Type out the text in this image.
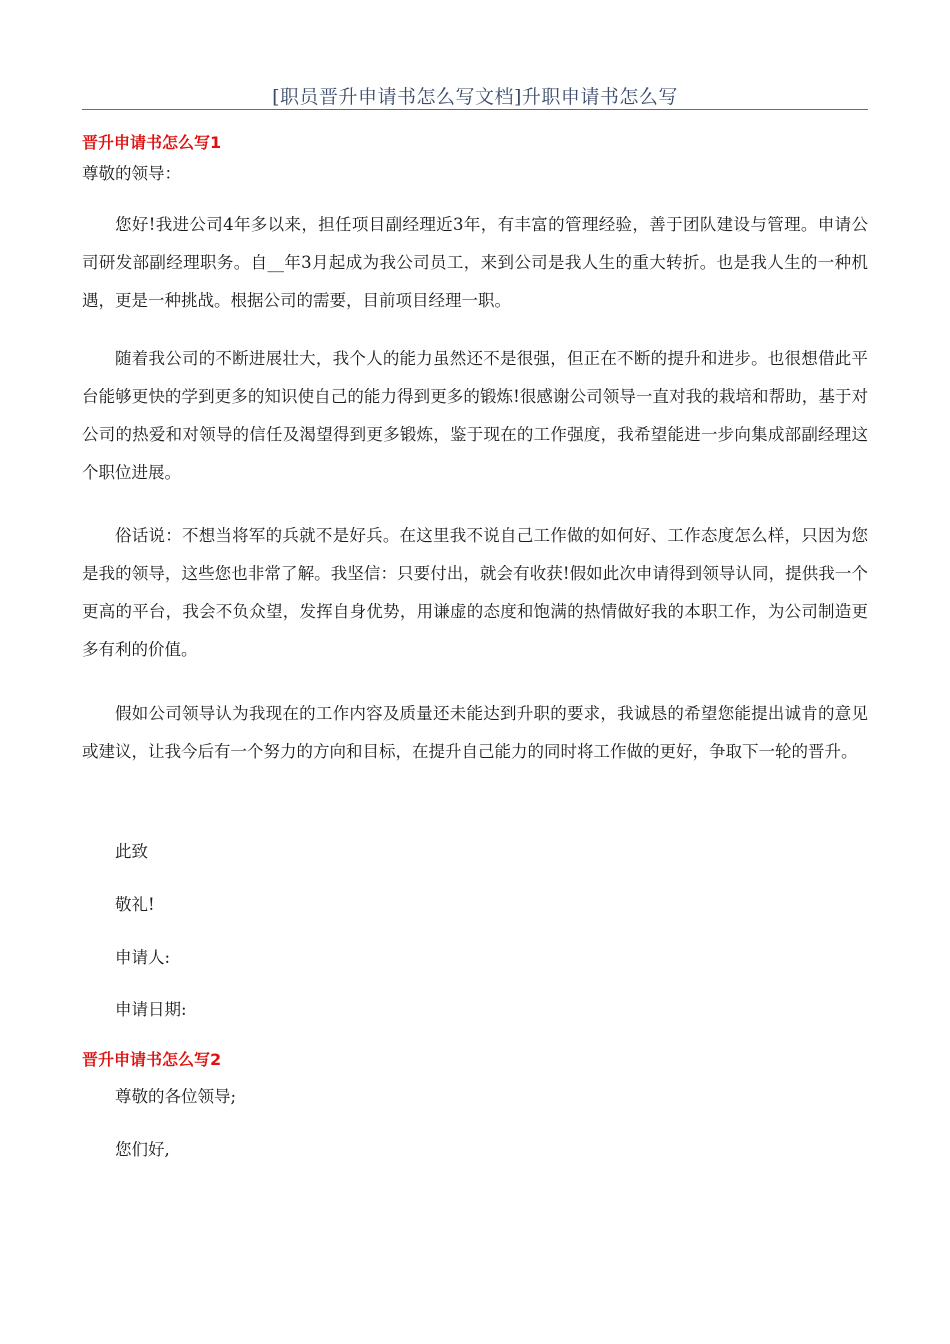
[职员晋升申请书怎么写文档]升职申请书怎么写
晋升申请书怎么写1
尊敬的领导：

您好!我进公司4年多以来，担任项目副经理近3年，有丰富的管理经验，善于团队建设与管理。申请公司研发部副经理职务。自__年3月起成为我公司员工，来到公司是我人生的重大转折。也是我人生的一种机遇，更是一种挑战。根据公司的需要，目前项目经理一职。

随着我公司的不断进展壮大，我个人的能力虽然还不是很强，但正在不断的提升和进步。也很想借此平台能够更快的学到更多的知识使自己的能力得到更多的锻炼!很感谢公司领导一直对我的栽培和帮助，基于对公司的热爱和对领导的信任及渴望得到更多锻炼，鉴于现在的工作强度，我希望能进一步向集成部副经理这个职位进展。

俗话说：不想当将军的兵就不是好兵。在这里我不说自己工作做的如何好、工作态度怎么样，只因为您是我的领导，这些您也非常了解。我坚信：只要付出，就会有收获!假如此次申请得到领导认同，提供我一个更高的平台，我会不负众望，发挥自身优势，用谦虚的态度和饱满的热情做好我的本职工作，为公司制造更多有利的价值。

假如公司领导认为我现在的工作内容及质量还未能达到升职的要求，我诚恳的希望您能提出诚肯的意见或建议，让我今后有一个努力的方向和目标，在提升自己能力的同时将工作做的更好，争取下一轮的晋升。

此致
敬礼!
申请人:
申请日期:
晋升申请书怎么写2
尊敬的各位领导;
您们好,
